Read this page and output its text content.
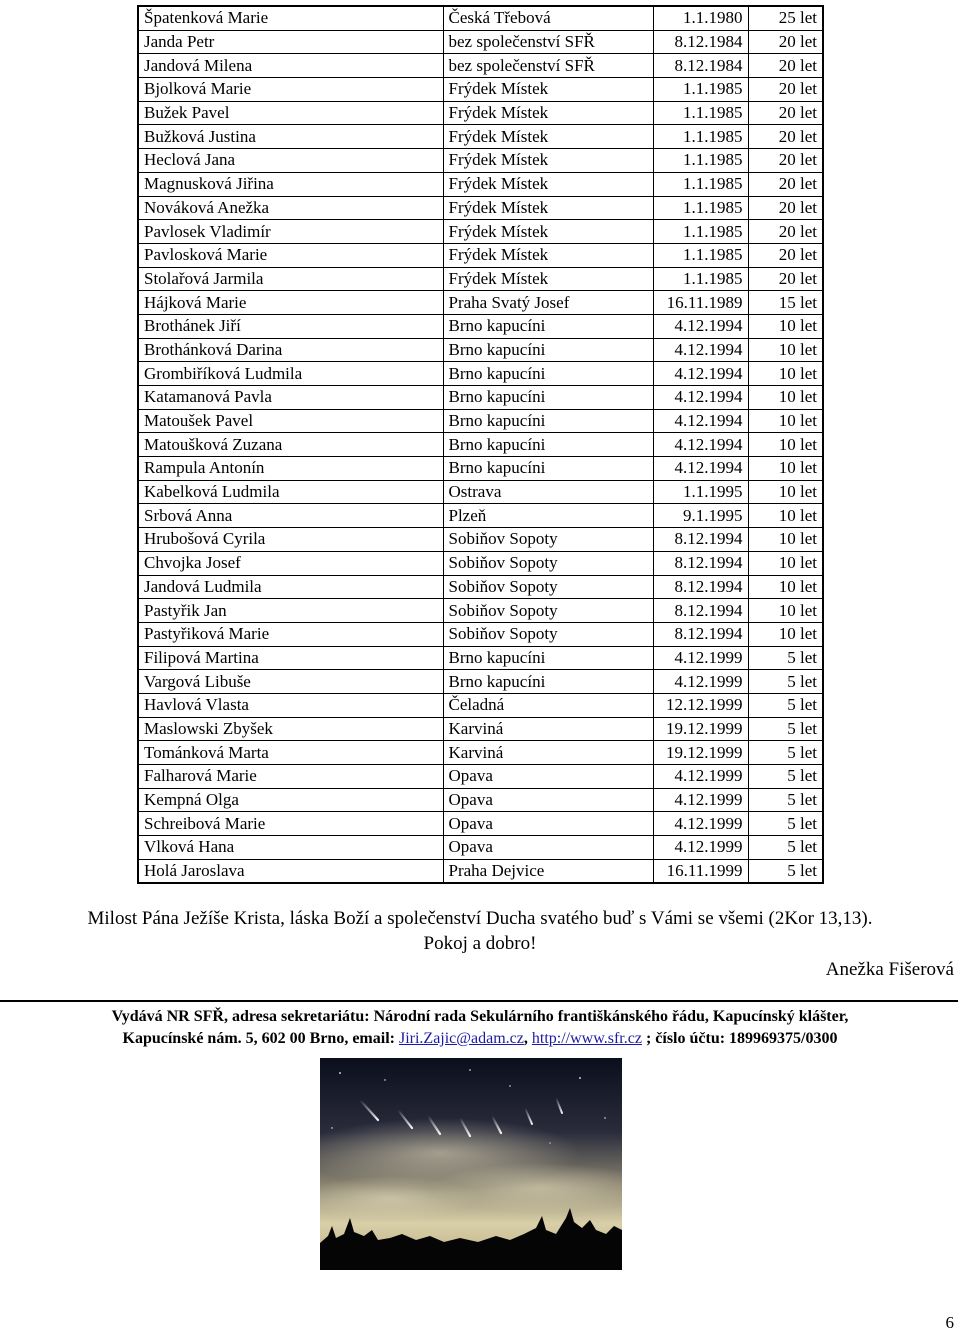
Špatenková Marie	Česká Třebová	1.1.1980	25 let
Janda Petr	bez společenství SFŘ	8.12.1984	20 let
Jandová Milena	bez společenství SFŘ	8.12.1984	20 let
Bjolková Marie	Frýdek Místek	1.1.1985	20 let
Bužek Pavel	Frýdek Místek	1.1.1985	20 let
Bužková Justina	Frýdek Místek	1.1.1985	20 let
Heclová Jana	Frýdek Místek	1.1.1985	20 let
Magnusková Jiřina	Frýdek Místek	1.1.1985	20 let
Nováková Anežka	Frýdek Místek	1.1.1985	20 let
Pavlosek Vladimír	Frýdek Místek	1.1.1985	20 let
Pavlosková Marie	Frýdek Místek	1.1.1985	20 let
Stolařová Jarmila	Frýdek Místek	1.1.1985	20 let
Hájková Marie	Praha Svatý Josef	16.11.1989	15 let
Brothánek Jiří	Brno kapucíni	4.12.1994	10 let
Brothánková Darina	Brno kapucíni	4.12.1994	10 let
Grombiříková Ludmila	Brno kapucíni	4.12.1994	10 let
Katamanová Pavla	Brno kapucíni	4.12.1994	10 let
Matoušek Pavel	Brno kapucíni	4.12.1994	10 let
Matoušková Zuzana	Brno kapucíni	4.12.1994	10 let
Rampula Antonín	Brno kapucíni	4.12.1994	10 let
Kabelková Ludmila	Ostrava	1.1.1995	10 let
Srbová Anna	Plzeň	9.1.1995	10 let
Hrubošová Cyrila	Sobiňov Sopoty	8.12.1994	10 let
Chvojka Josef	Sobiňov Sopoty	8.12.1994	10 let
Jandová Ludmila	Sobiňov Sopoty	8.12.1994	10 let
Pastyřik Jan	Sobiňov Sopoty	8.12.1994	10 let
Pastyřiková Marie	Sobiňov Sopoty	8.12.1994	10 let
Filipová Martina	Brno kapucíni	4.12.1999	5 let
Vargová Libuše	Brno kapucíni	4.12.1999	5 let
Havlová Vlasta	Čeladná	12.12.1999	5 let
Maslowski Zbyšek	Karviná	19.12.1999	5 let
Tománková Marta	Karviná	19.12.1999	5 let
Falharová Marie	Opava	4.12.1999	5 let
Kempná Olga	Opava	4.12.1999	5 let
Schreibová Marie	Opava	4.12.1999	5 let
Vlková Hana	Opava	4.12.1999	5 let
Holá Jaroslava	Praha Dejvice	16.11.1999	5 let
Milost Pána Ježíše Krista, láska Boží a společenství Ducha svatého buď s Vámi se všemi (2Kor 13,13).
Pokoj a dobro!
Anežka Fišerová
Vydává NR SFŘ, adresa sekretariátu: Národní rada Sekulárního františkánského řádu, Kapucínský klášter,
Kapucínské nám. 5, 602 00 Brno, email: Jiri.Zajic@adam.cz, http://www.sfr.cz ; číslo účtu: 189969375/0300
6
